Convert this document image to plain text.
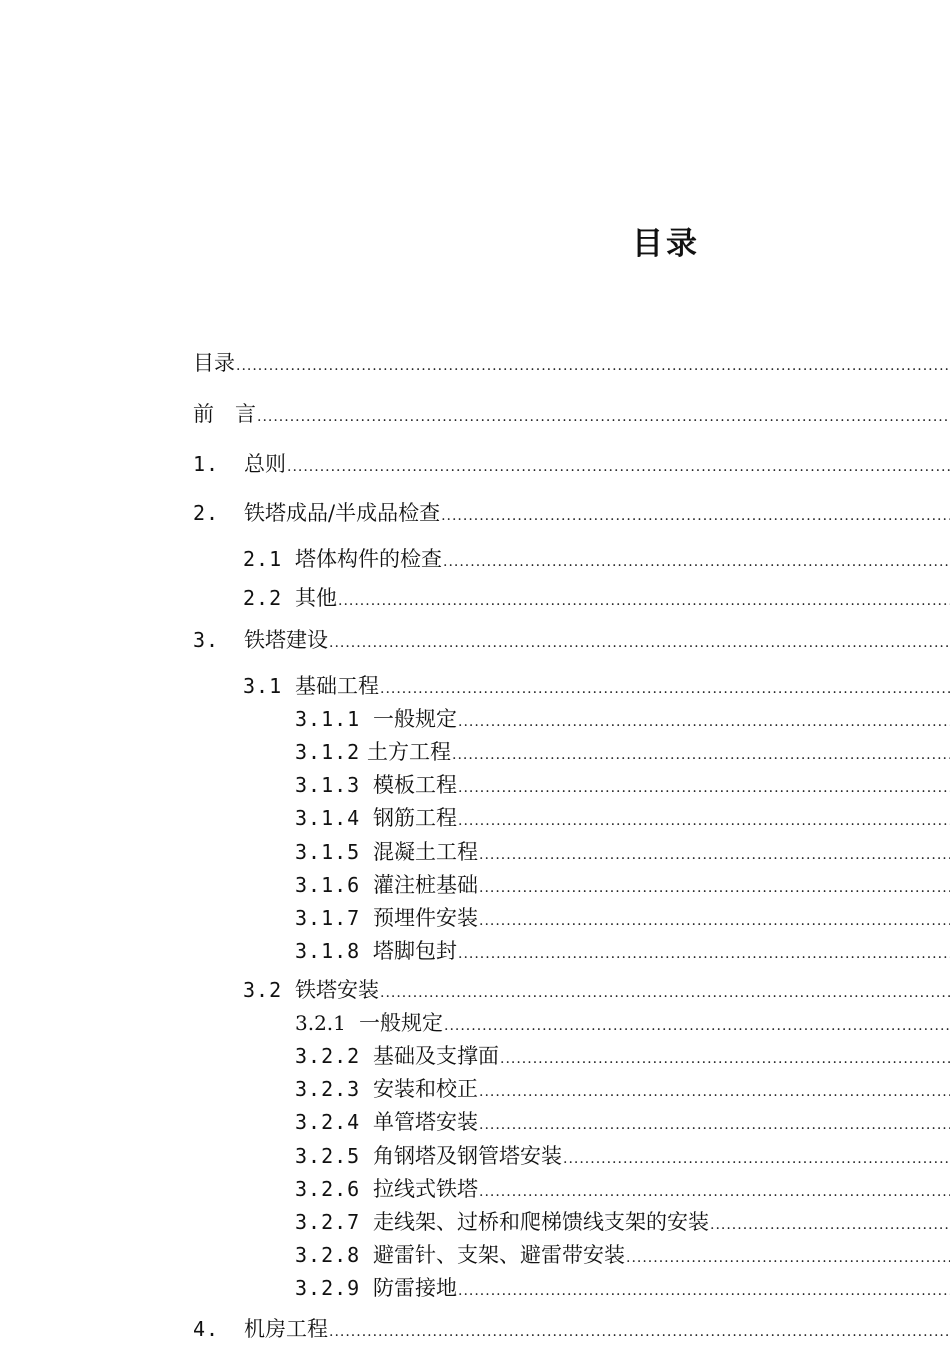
目录
目录
.....
前　言
.....
1.	总则
.....
2.	铁塔成品/半成品检查
.....
2.1 塔体构件的检查
.....
2.2 其他
.....
3.	铁塔建设
.....
3.1 基础工程
.....
3.1.1 一般规定
.....
3.1.2 土方工程
.....
3.1.3 模板工程
.....
3.1.4 钢筋工程
.....
3.1.5 混凝土工程
.....
3.1.6 灌注桩基础
.....
3.1.7 预埋件安装
.....
3.1.8 塔脚包封
.....
3.2 铁塔安装
.....
3.2.1 一般规定
.....
3.2.2 基础及支撑面
.....
3.2.3 安装和校正
.....
3.2.4 单管塔安装
.....
3.2.5 角钢塔及钢管塔安装
.....
3.2.6 拉线式铁塔
.....
3.2.7 走线架、过桥和爬梯馈线支架的安装
.....
3.2.8 避雷针、支架、避雷带安装
.....
3.2.9 防雷接地
.....
4.	机房工程
.....
